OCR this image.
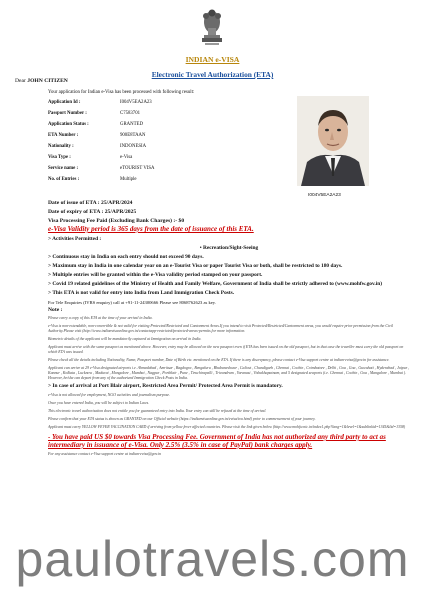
INDIAN e-VISA
Electronic Travel Authorization (ETA)
Dear JOHN CITIZEN
Your application for Indian e-Visa has been processed with following result:
Application Id :	I004V5EA2A23
Passport Number :	C7583701
Application Status :	GRANTED
ETA Number :	900E8TAAN
Nationality :	INDONESIA
Visa Type :	e-Visa
Service name :	eTOURIST VISA
No. of Entries :	Multiple
I004V5EA2A23
Date of issue of ETA : 25/APR/2024
Date of expiry of ETA : 25/APR/2025
Visa Processing Fee Paid (Excluding Bank Charges) :- $0
e-Visa Validity period is 365 days from the date of issuance of this ETA.
> Activities Permitted :
• Recreation/Sight-Seeing
> Continuous stay in India on each entry should not exceed 90 days.
> Maximum stay in India in one calendar year on an e-Tourist Visa or paper Tourist Visa or both, shall be restricted to 180 days.
> Multiple entries will be granted within the e-Visa validity period stamped on your passport.
> Covid 19 related guidelines of the Ministry of Health and Family Welfare, Government of India shall be strictly adhered to (www.mohfw.gov.in)
> This ETA is not valid for entry into India from Land Immigration Check Posts.
For Tele Enquiries (IVRS enquiry) call at +91-11-24300666 Please see 8068762623 as key.
Note :
Please carry a copy of this ETA at the time of your arrival in India.
e-Visa is non-extendable, non-convertible & not valid for visiting Protected/Restricted and Cantonment Areas.If you intend to visit Protected/Restricted/Cantonment areas, you would require prior permission from the Civil Authority.Please visit (http://www.indianvisaonline.gov.in/contactapp-restricted/protected-areas-permits for more information.
Biometric details of the applicant will be mandatorily captured at Immigration on arrival in India.
Applicant must arrive with the same passport as mentioned above. However, entry may be allowed on the new passport even if ETA has been issued on the old passport, but in that case the traveller must carry the old passport on which ETA was issued.
Please check all the details including Nationality, Name, Passport number, Date of Birth etc. mentioned on the ETA. If there is any discrepancy, please contact e-Visa support centre at indian-evisa@gov.in for assistance.
Applicant can arrive at 29 e-Visa designated airports i.e. Ahmedabad , Amritsar , Bagdogra , Bengaluru , Bhubaneshwar , Calicut , Chandigarh , Chennai , Cochin , Coimbatore , Delhi , Goa , Goa , Guwahati , Hyderabad , Jaipur , Kannur , Kolkata , Lucknow , Madurai , Mangalore , Mumbai , Nagpur , Portblair , Pune , Tiruchirapalli , Trivandrum , Varanasi , Vishakhapatnam, and 5 designated seaports (i.e. Chennai , Cochin , Goa , Mangalore , Mumbai ). However, he/she can depart from any of the authorized Immigration Check Posts in India.
> In case of arrival at Port Blair airport, Restricted Area Permit/ Protected Area Permit is mandatory.
e-Visa is not allowed for employment, NGO activities and journalism purpose.
Once you have entered India, you will be subject to Indian Laws.
This electronic travel authorisation does not entitle you for guaranteed entry into India. Your entry can still be refused at the time of arrival.
Please confirm that your ETA status is shown as GRANTED on our Official website (https://indianvisaonline.gov.in/evisa/tva.html) prior to commencement of your journey.
Applicant must carry YELLOW FEVER VACCINATION CARD if arriving from yellow fever affected countries. Please visit the link given below (http://www.mohfw.nic.in/index1.php?lang=1&level=1&sublinkid=1345&lid=1358)
- You have paid US $0 towards Visa Processing Fee. Government of India has not authorized any third party to act as intermediary in issuance of e-Visa. Only 2.5% (3.5% in case of PayPal) bank charges apply.
For any assistance contact e-Visa support centre at indian-evisa@gov.in
paulotravels.com
